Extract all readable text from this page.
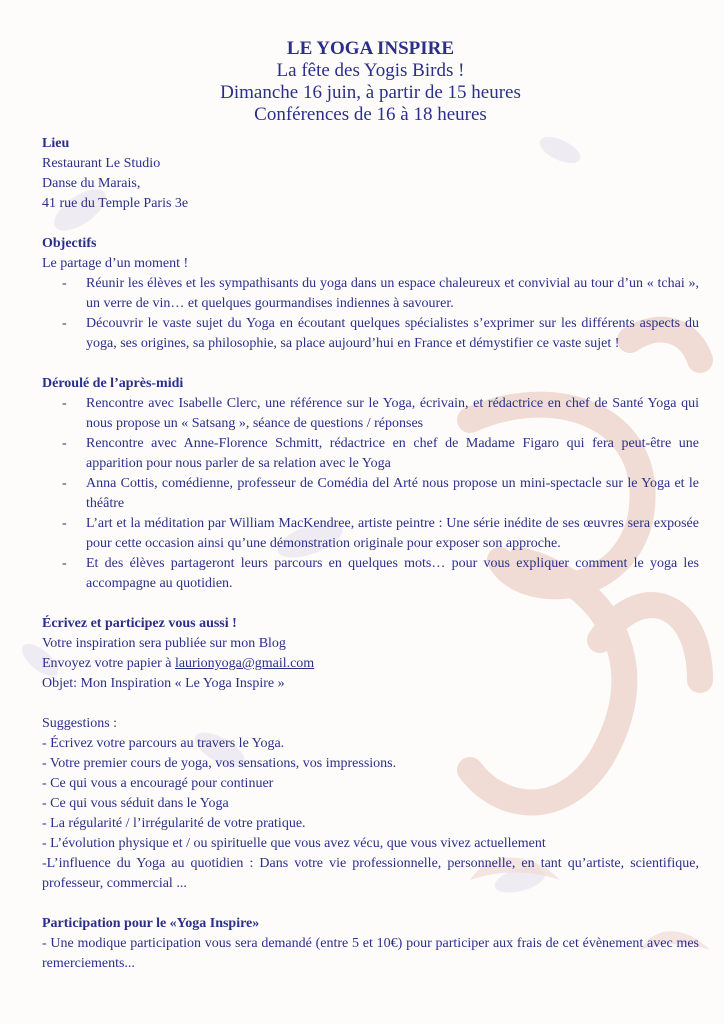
LE YOGA INSPIRE
La fête des Yogis Birds !
Dimanche 16 juin, à partir de 15 heures
Conférences de 16 à 18 heures
Lieu
Restaurant Le Studio
Danse du Marais,
41 rue du Temple Paris 3e
Objectifs
Le partage d’un moment !
- Réunir les élèves et les sympathisants du yoga dans un espace chaleureux et convivial au tour d’un « tchai », un verre de vin… et quelques gourmandises indiennes à savourer.
- Découvrir le vaste sujet du Yoga en écoutant quelques spécialistes s’exprimer sur les différents aspects du yoga, ses origines, sa philosophie, sa place aujourd’hui en France et démystifier ce vaste sujet !
Déroulé de l’après-midi
- Rencontre avec Isabelle Clerc, une référence sur le Yoga, écrivain, et rédactrice en chef de Santé Yoga qui nous propose un « Satsang », séance de questions / réponses
- Rencontre avec Anne-Florence Schmitt, rédactrice en chef de Madame Figaro qui fera peut-être une apparition pour nous parler de sa relation avec le Yoga
- Anna Cottis, comédienne, professeur de Comédia del Arté nous propose un mini-spectacle sur le Yoga et le théâtre
- L’art et la méditation par William MacKendree, artiste peintre : Une série inédite de ses œuvres sera exposée pour cette occasion ainsi qu’une démonstration originale pour exposer son approche.
- Et des élèves partageront leurs parcours en quelques mots… pour vous expliquer comment le yoga les accompagne au quotidien.
Écrivez et participez vous aussi !
Votre inspiration sera publiée sur mon Blog
Envoyez votre papier à laurionyoga@gmail.com
Objet: Mon Inspiration « Le Yoga Inspire »
Suggestions :
- Écrivez votre parcours au travers le Yoga.
- Votre premier cours de yoga, vos sensations, vos impressions.
- Ce qui vous a encouragé pour continuer
- Ce qui vous séduit dans le Yoga
- La régularité / l’irrégularité de votre pratique.
- L’évolution physique et / ou spirituelle que vous avez vécu, que vous vivez actuellement
-L’influence du Yoga au quotidien : Dans votre vie professionnelle, personnelle, en tant qu’artiste, scientifique, professeur, commercial ...
Participation pour le «Yoga Inspire»
- Une modique participation vous sera demandé (entre 5 et 10€) pour participer aux frais de cet évènement avec mes remerciements...
